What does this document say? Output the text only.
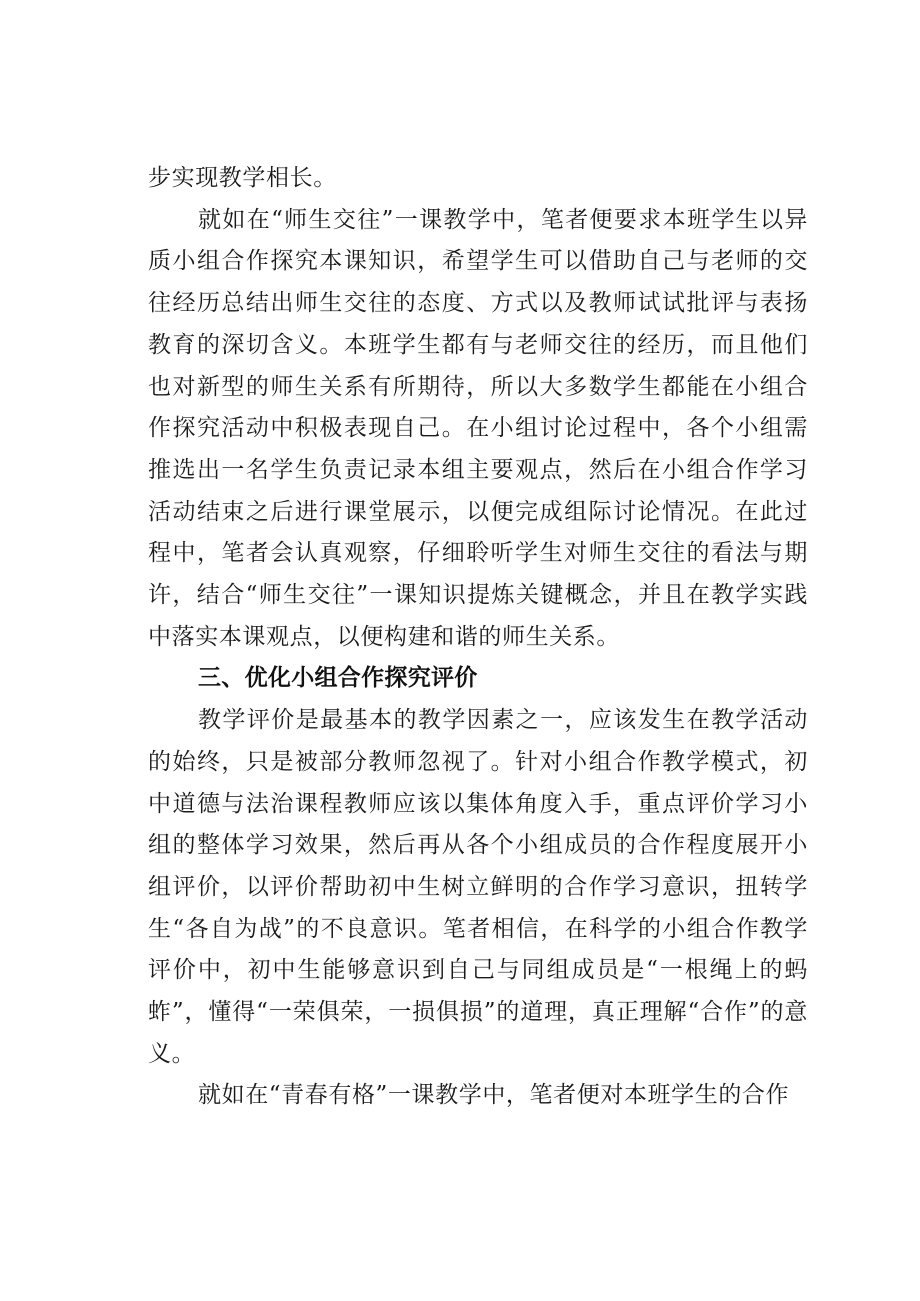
步实现教学相长。

就如在“师生交往”一课教学中，笔者便要求本班学生以异质小组合作探究本课知识，希望学生可以借助自己与老师的交往经历总结出师生交往的态度、方式以及教师试试批评与表扬教育的深切含义。本班学生都有与老师交往的经历，而且他们也对新型的师生关系有所期待，所以大多数学生都能在小组合作探究活动中积极表现自己。在小组讨论过程中，各个小组需推选出一名学生负责记录本组主要观点，然后在小组合作学习活动结束之后进行课堂展示，以便完成组际讨论情况。在此过程中，笔者会认真观察，仔细聆听学生对师生交往的看法与期许，结合“师生交往”一课知识提炼关键概念，并且在教学实践中落实本课观点，以便构建和谐的师生关系。

三、优化小组合作探究评价

教学评价是最基本的教学因素之一，应该发生在教学活动的始终，只是被部分教师忽视了。针对小组合作教学模式，初中道德与法治课程教师应该以集体角度入手，重点评价学习小组的整体学习效果，然后再从各个小组成员的合作程度展开小组评价，以评价帮助初中生树立鲜明的合作学习意识，扭转学生“各自为战”的不良意识。笔者相信，在科学的小组合作教学评价中，初中生能够意识到自己与同组成员是“一根绳上的蚂蚱”，懂得“一荣俱荣，一损俱损”的道理，真正理解“合作”的意义。

就如在“青春有格”一课教学中，笔者便对本班学生的合作
